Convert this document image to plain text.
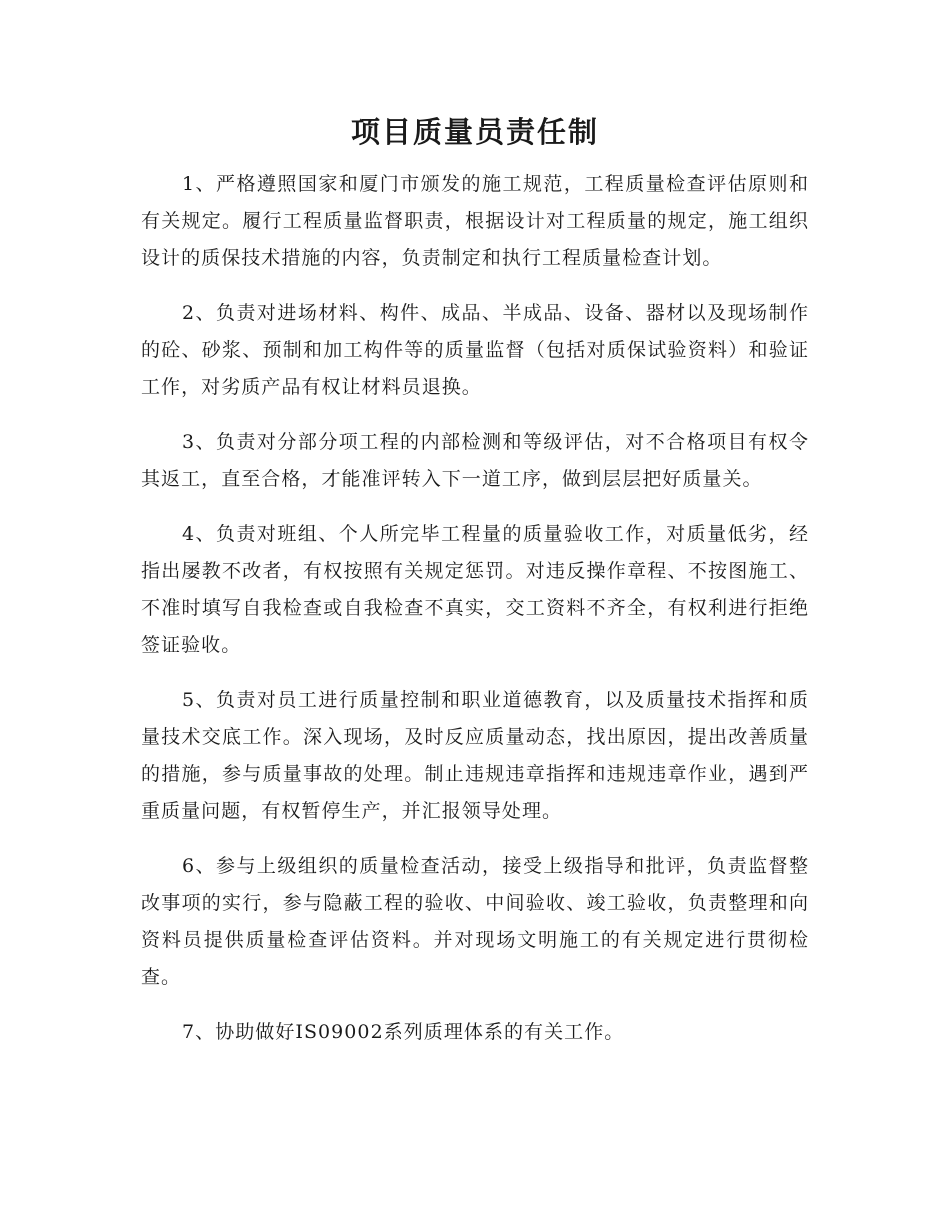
项目质量员责任制

1、严格遵照国家和厦门市颁发的施工规范，工程质量检查评估原则和有关规定。履行工程质量监督职责，根据设计对工程质量的规定，施工组织设计的质保技术措施的内容，负责制定和执行工程质量检查计划。

2、负责对进场材料、构件、成品、半成品、设备、器材以及现场制作的砼、砂浆、预制和加工构件等的质量监督（包括对质保试验资料）和验证工作，对劣质产品有权让材料员退换。

3、负责对分部分项工程的内部检测和等级评估，对不合格项目有权令其返工，直至合格，才能准评转入下一道工序，做到层层把好质量关。

4、负责对班组、个人所完毕工程量的质量验收工作，对质量低劣，经指出屡教不改者，有权按照有关规定惩罚。对违反操作章程、不按图施工、不准时填写自我检查或自我检查不真实，交工资料不齐全，有权利进行拒绝签证验收。

5、负责对员工进行质量控制和职业道德教育，以及质量技术指挥和质量技术交底工作。深入现场，及时反应质量动态，找出原因，提出改善质量的措施，参与质量事故的处理。制止违规违章指挥和违规违章作业，遇到严重质量问题，有权暂停生产，并汇报领导处理。

6、参与上级组织的质量检查活动，接受上级指导和批评，负责监督整改事项的实行，参与隐蔽工程的验收、中间验收、竣工验收，负责整理和向资料员提供质量检查评估资料。并对现场文明施工的有关规定进行贯彻检查。

7、协助做好IS09002系列质理体系的有关工作。
